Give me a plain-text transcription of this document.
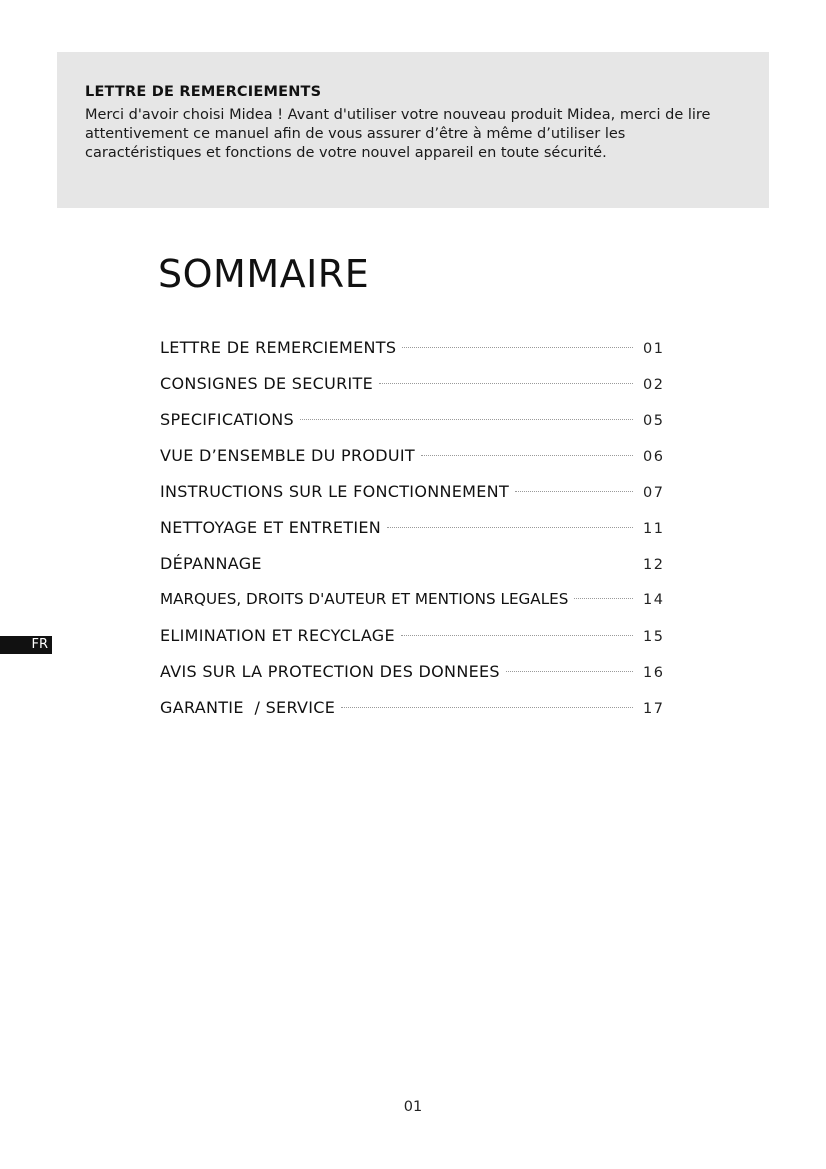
LETTRE DE REMERCIEMENTS

Merci d'avoir choisi Midea ! Avant d'utiliser votre nouveau produit Midea, merci de lire attentivement ce manuel afin de vous assurer d’être à même d’utiliser les caractéristiques et fonctions de votre nouvel appareil en toute sécurité.

SOMMAIRE
LETTRE DE REMERCIEMENTS	01
CONSIGNES DE SECURITE	02
SPECIFICATIONS	05
VUE D’ENSEMBLE DU PRODUIT	06
INSTRUCTIONS SUR LE FONCTIONNEMENT	07
NETTOYAGE ET ENTRETIEN	11
DÉPANNAGE	12
MARQUES, DROITS D'AUTEUR ET MENTIONS LEGALES	14
ELIMINATION ET RECYCLAGE	15
AVIS SUR LA PROTECTION DES DONNEES	16
GARANTIE  / SERVICE	17
FR
01
